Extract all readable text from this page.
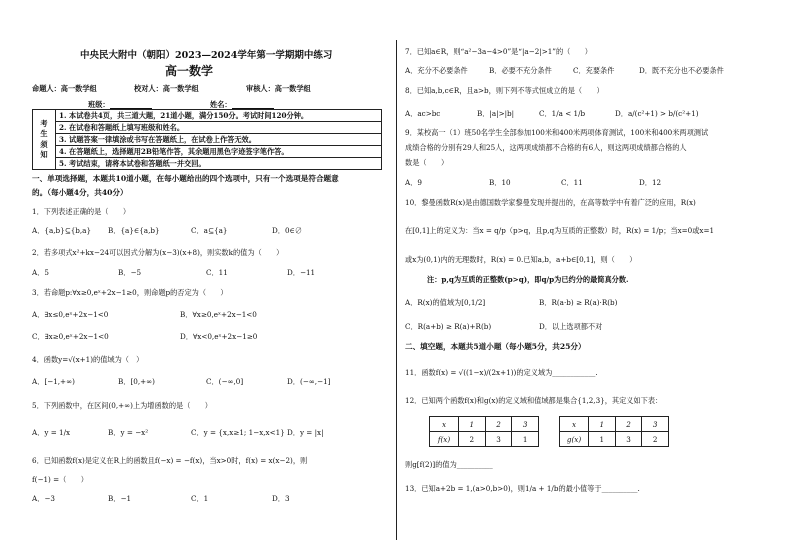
中央民大附中（朝阳）2023—2024学年第一学期期中练习
高一数学
命题人：高一数学组	校对人：高一数学组	审核人：高一数学组
班级：	姓名：
考
生
须
知
	1. 本试卷共4页，共三道大题，21道小题，满分150分。考试时间120分钟。
2. 在试卷和答题纸上填写班级和姓名。
3. 试题答案一律填涂或书写在答题纸上，在试卷上作答无效。
4. 在答题纸上，选择题用2B铅笔作答，其余题用黑色字迹签字笔作答。
5. 考试结束，请将本试卷和答题纸一并交回。
一、单项选择题，本题共10道小题，在每小题给出的四个选项中，只有一个选项是符合题意
的。（每小题4分，共40分）
1．下列表述正确的是（　　）
A．{a,b}⊆{b,a} B．{a}∈{a,b}	C．a⊆{a}	D．0∈∅
2．若多项式x²+kx−24可以因式分解为(x−3)(x+8)，则实数k的值为（　　）
A．5	B．−5	C．11	D．−11
3．若命题p:∀x≥0,eˣ+2x−1≥0，则命题p的否定为（　　）
A．∃x≤0,eˣ+2x−1<0	B．∀x≥0,eˣ+2x−1<0
C．∃x≥0,eˣ+2x−1<0	D．∀x<0,eˣ+2x−1≥0
4．函数y=√(x+1)的值域为（　）
A．[−1,+∞)	B．[0,+∞)	C．(−∞,0]	D．(−∞,−1]
5．下列函数中，在区间(0,+∞)上为增函数的是（　　）
A．y = 1/x	B．y = −x²	C．y = {x,x≥1; 1−x,x<1} D．y = |x|
6．已知函数f(x)是定义在R上的函数且f(−x) = −f(x)，当x>0时，f(x) = x(x−2)，则
f(−1) =（　　）
A．−3	B．−1	C．1	D．3
7．已知a∈R，则“a²−3a−4>0”是“|a−2|>1”的（　　）
A．充分不必要条件	B．必要不充分条件	C．充要条件	D．既不充分也不必要条件
8．已知a,b,c∈R，且a>b，则下列不等式恒成立的是（　　）
A．ac>bc	B．|a|>|b|	C．1/a < 1/b	D．a/(c²+1) > b/(c²+1)
9．某校高一（1）班50名学生全部参加100米和400米两项体育测试，100米和400米两项测试
成绩合格的分别有29人和25人，这两项成绩都不合格的有6人，则这两项成绩都合格的人
数是（　　）
A．9	B．10	C．11	D．12
10．黎曼函数R(x)是由德国数学家黎曼发现并提出的，在高等数学中有着广泛的应用，R(x)
在[0,1]上的定义为：当x = q/p（p>q，且p,q为互质的正整数）时，R(x) = 1/p；当x=0或x=1
或x为(0,1)内的无理数时，R(x) = 0.已知a,b，a+b∈[0,1]，则（　　）
注：p,q为互质的正整数(p>q)，即q/p为已约分的最简真分数.
A．R(x)的值域为[0,1/2]	B．R(a·b) ≥ R(a)·R(b)
C．R(a+b) ≥ R(a)+R(b)	D．以上选项都不对
二、填空题，本题共5道小题（每小题5分，共25分）
11．函数f(x) = √((1−x)/(2x+1))的定义域为____________.
12．已知两个函数f(x)和g(x)的定义域和值域都是集合{1,2,3}，其定义如下表：
x	1	2	3
f(x)	2	3	1
x	1	2	3
g(x)	1	3	2
则g[f(2)]的值为__________
13．已知a+2b = 1,(a>0,b>0)，则1/a + 1/b的最小值等于__________.
